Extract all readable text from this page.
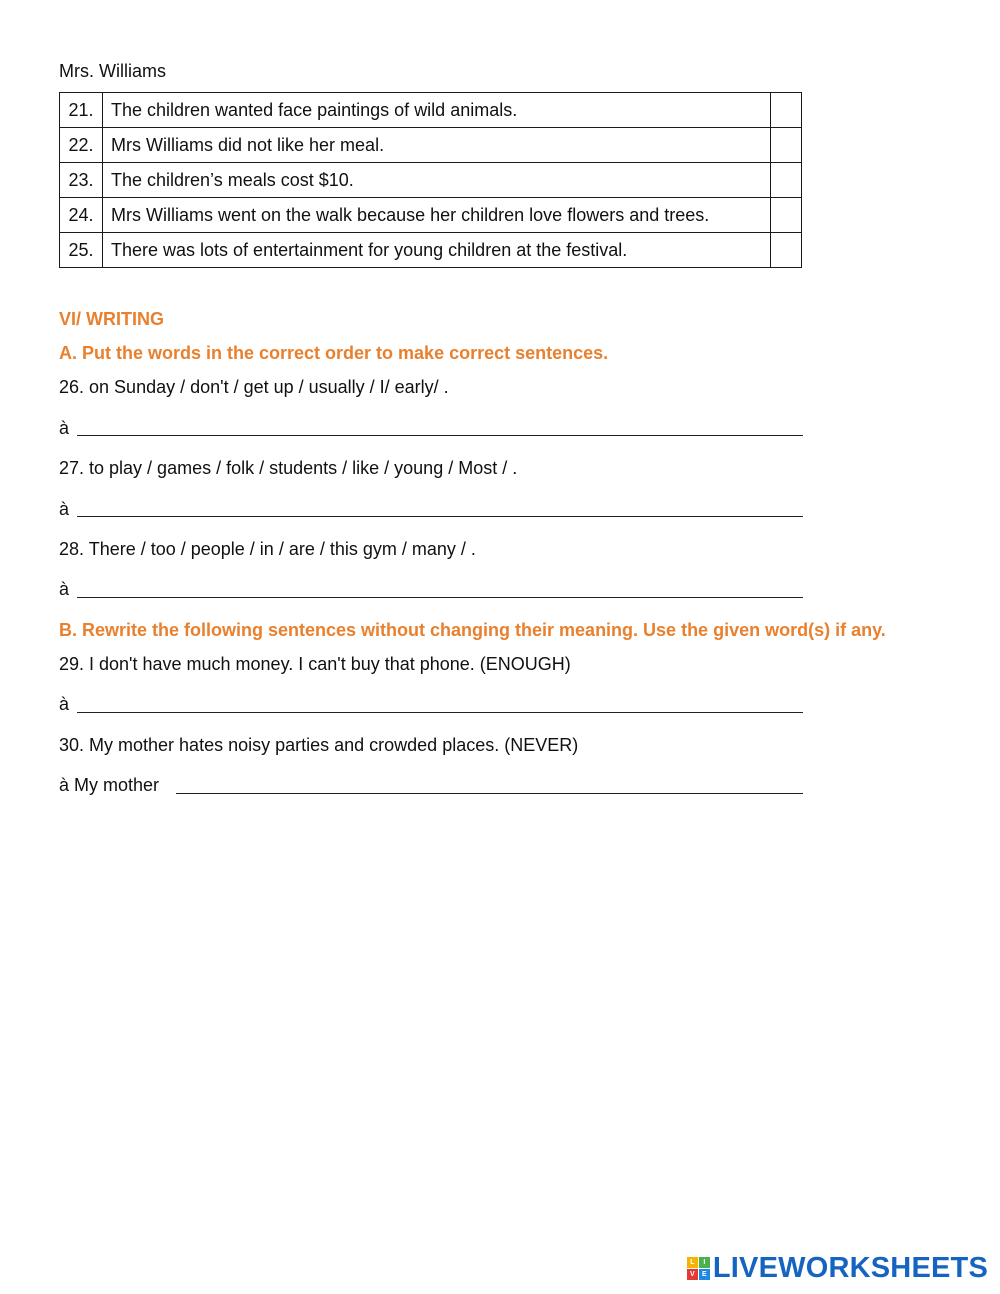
Mrs. Williams
21.	The children wanted face paintings of wild animals.	
22.	Mrs Williams did not like her meal.	
23.	The children’s meals cost $10.	
24.	Mrs Williams went on the walk because her children love flowers and trees.	
25.	There was lots of entertainment for young children at the festival.	
VI/ WRITING
A. Put the words in the correct order to make correct sentences.
26. on Sunday / don't / get up / usually / I/ early/ .
à
27. to play / games / folk / students / like / young / Most / .
à
28. There / too / people / in / are / this gym / many / .
à
B. Rewrite the following sentences without changing their meaning. Use the given word(s) if any.
29. I don't have much money. I can't buy that phone. (ENOUGH)
à
30. My mother hates noisy parties and crowded places. (NEVER)
à My mother
L	I
V	E LIVEWORKSHEETS
